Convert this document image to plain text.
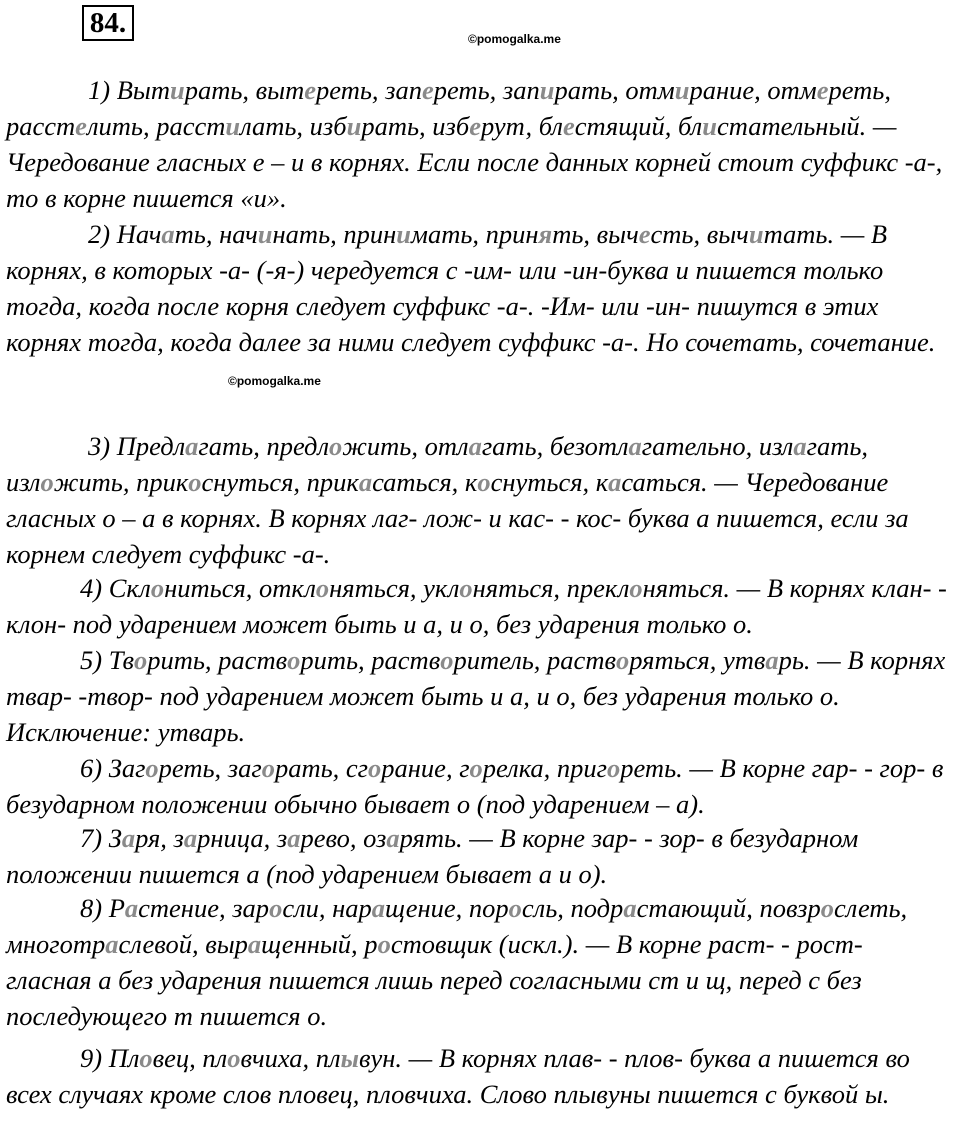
84.	©pomogalka.me
©pomogalka.me
1) Вытирать, вытереть, запереть, запирать, отмирание, отмереть, расстелить, расстилать, избирать, изберут, блестящий, блистательный. — Чередование гласных е – и в корнях. Если после данных корней стоит суффикс -а-, то в корне пишется «и».
2) Начать, начинать, принимать, принять, вычесть, вычитать. — В корнях, в которых -а- (-я-) чередуется с -им- или -ин-буква и пишется только тогда, когда после корня следует суффикс -а-. -Им- или -ин- пишутся в этих корнях тогда, когда далее за ними следует суффикс -а-. Но сочетать, сочетание.
3) Предлагать, предложить, отлагать, безотлагательно, излагать, изложить, прикоснуться, прикасаться, коснуться, касаться. — Чередование гласных о – а в корнях. В корнях лаг- лож- и кас- - кос- буква а пишется, если за корнем следует суффикс -а-.
4) Склониться, отклоняться, уклоняться, преклоняться. — В корнях клан- - клон- под ударением может быть и а, и о, без ударения только о.
5) Творить, растворить, растворитель, растворяться, утварь. — В корнях твар- -твор- под ударением может быть и а, и о, без ударения только о. Исключение: утварь.
6) Загореть, загорать, сгорание, горелка, пригореть. — В корне гар- - гор- в безударном положении обычно бывает о (под ударением – а).
7) Заря, зарница, зарево, озарять. — В корне зар- - зор- в безударном положении пишется а (под ударением бывает а и о).
8) Растение, заросли, наращение, поросль, подрастающий, повзрослеть, многотраслевой, выращенный, ростовщик (искл.). — В корне раст- - рост- гласная а без ударения пишется лишь перед согласными ст и щ, перед с без последующего т пишется о.
9) Пловец, пловчиха, плывун. — В корнях плав- - плов- буква а пишется во всех случаях кроме слов пловец, пловчиха. Слово плывуны пишется с буквой ы.
